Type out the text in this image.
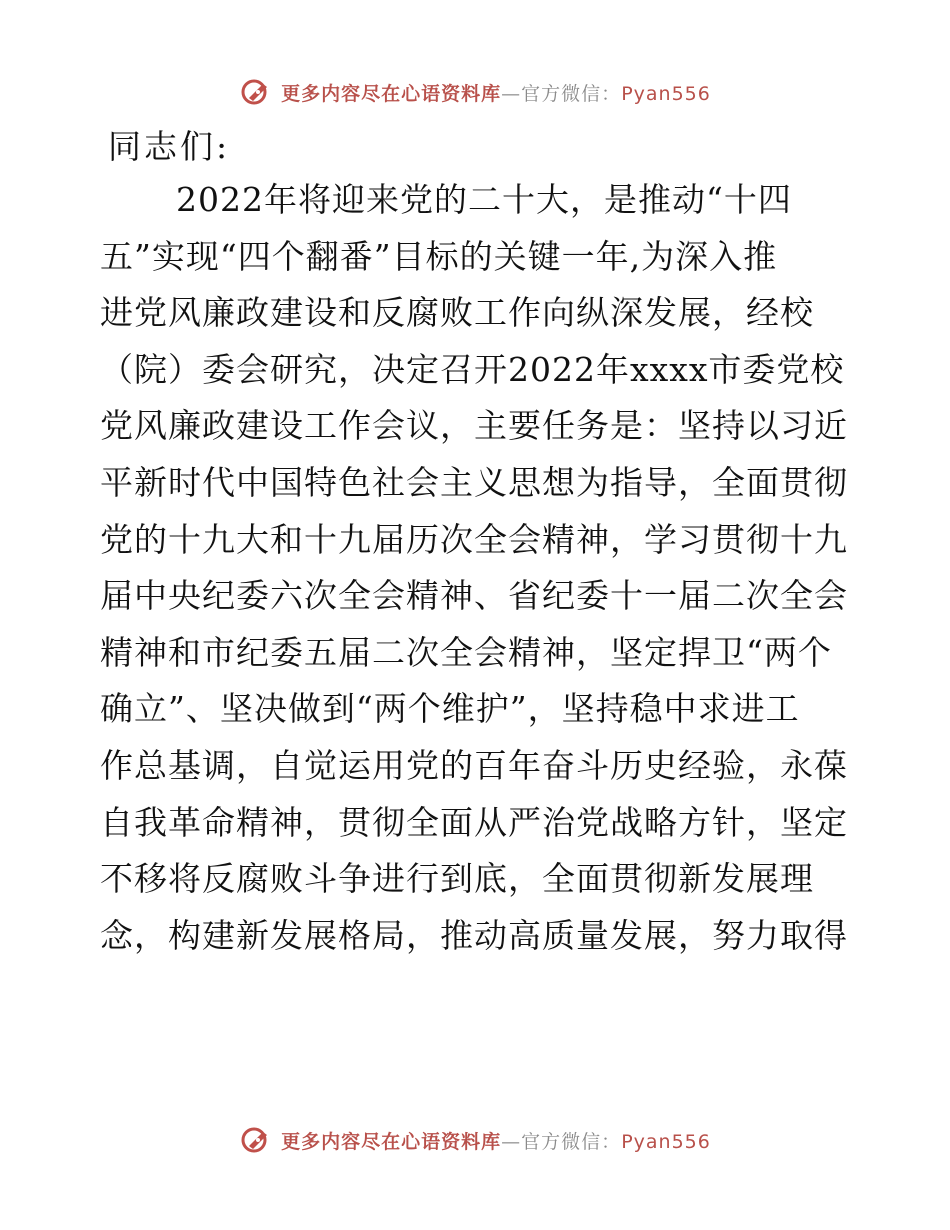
更多内容尽在心语资料库—官方微信：Pyan556
同志们:
2022年将迎来党的二十大，是推动“十四
五”实现“四个翻番”目标的关键一年,为深入推
进党风廉政建设和反腐败工作向纵深发展，经校
（院）委会研究，决定召开2022年xxxx市委党校
党风廉政建设工作会议，主要任务是：坚持以习近
平新时代中国特色社会主义思想为指导，全面贯彻
党的十九大和十九届历次全会精神，学习贯彻十九
届中央纪委六次全会精神、省纪委十一届二次全会
精神和市纪委五届二次全会精神，坚定捍卫“两个
确立”、坚决做到“两个维护”，坚持稳中求进工
作总基调，自觉运用党的百年奋斗历史经验，永葆
自我革命精神，贯彻全面从严治党战略方针，坚定
不移将反腐败斗争进行到底，全面贯彻新发展理
念，构建新发展格局，推动高质量发展，努力取得
更多内容尽在心语资料库—官方微信：Pyan556
